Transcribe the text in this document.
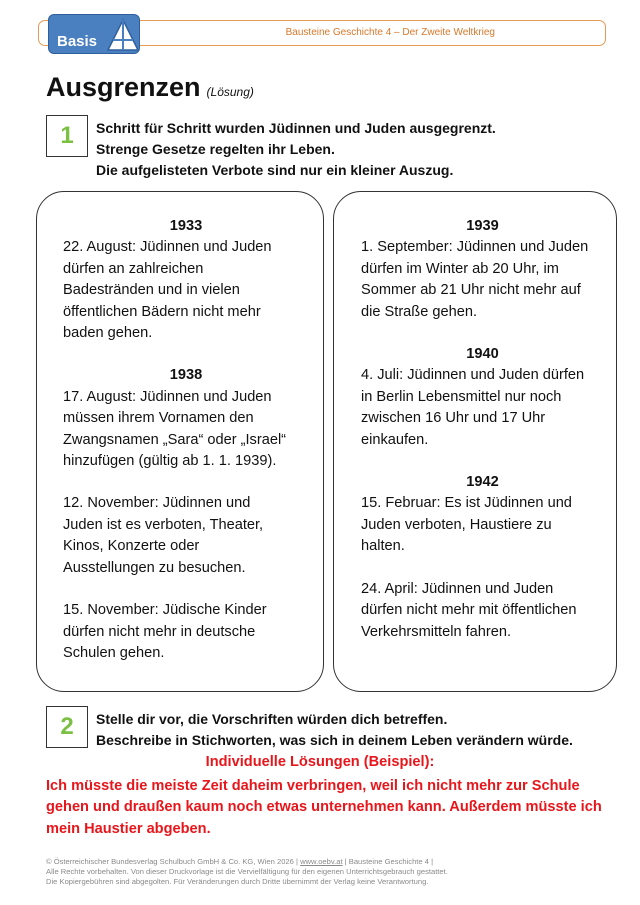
Bausteine Geschichte 4 – Der Zweite Weltkrieg
Basis
Ausgrenzen (Lösung)
1	Schritt für Schritt wurden Jüdinnen und Juden ausgegrenzt.
Strenge Gesetze regelten ihr Leben.
Die aufgelisteten Verbote sind nur ein kleiner Auszug.
1933
22. August: Jüdinnen und Juden
dürfen an zahlreichen
Badestränden und in vielen
öffentlichen Bädern nicht mehr
baden gehen.
1938
17. August: Jüdinnen und Juden
müssen ihrem Vornamen den
Zwangsnamen „Sara“ oder „Israel“
hinzufügen (gültig ab 1. 1. 1939).
12. November: Jüdinnen und
Juden ist es verboten, Theater,
Kinos, Konzerte oder
Ausstellungen zu besuchen.
15. November: Jüdische Kinder
dürfen nicht mehr in deutsche
Schulen gehen.
1939
1. September: Jüdinnen und Juden
dürfen im Winter ab 20 Uhr, im
Sommer ab 21 Uhr nicht mehr auf
die Straße gehen.
1940
4. Juli: Jüdinnen und Juden dürfen
in Berlin Lebensmittel nur noch
zwischen 16 Uhr und 17 Uhr
einkaufen.
1942
15. Februar: Es ist Jüdinnen und
Juden verboten, Haustiere zu
halten.
24. April: Jüdinnen und Juden
dürfen nicht mehr mit öffentlichen
Verkehrsmitteln fahren.
2	Stelle dir vor, die Vorschriften würden dich betreffen.
Beschreibe in Stichworten, was sich in deinem Leben verändern würde.
Individuelle Lösungen (Beispiel):
Ich müsste die meiste Zeit daheim verbringen, weil ich nicht mehr zur Schule
gehen und draußen kaum noch etwas unternehmen kann. Außerdem müsste ich
mein Haustier abgeben.
© Österreichischer Bundesverlag Schulbuch GmbH & Co. KG, Wien 2026 | www.oebv.at | Bausteine Geschichte 4 |
Alle Rechte vorbehalten. Von dieser Druckvorlage ist die Vervielfältigung für den eigenen Unterrichtsgebrauch gestattet.
Die Kopiergebühren sind abgegolten. Für Veränderungen durch Dritte übernimmt der Verlag keine Verantwortung.
